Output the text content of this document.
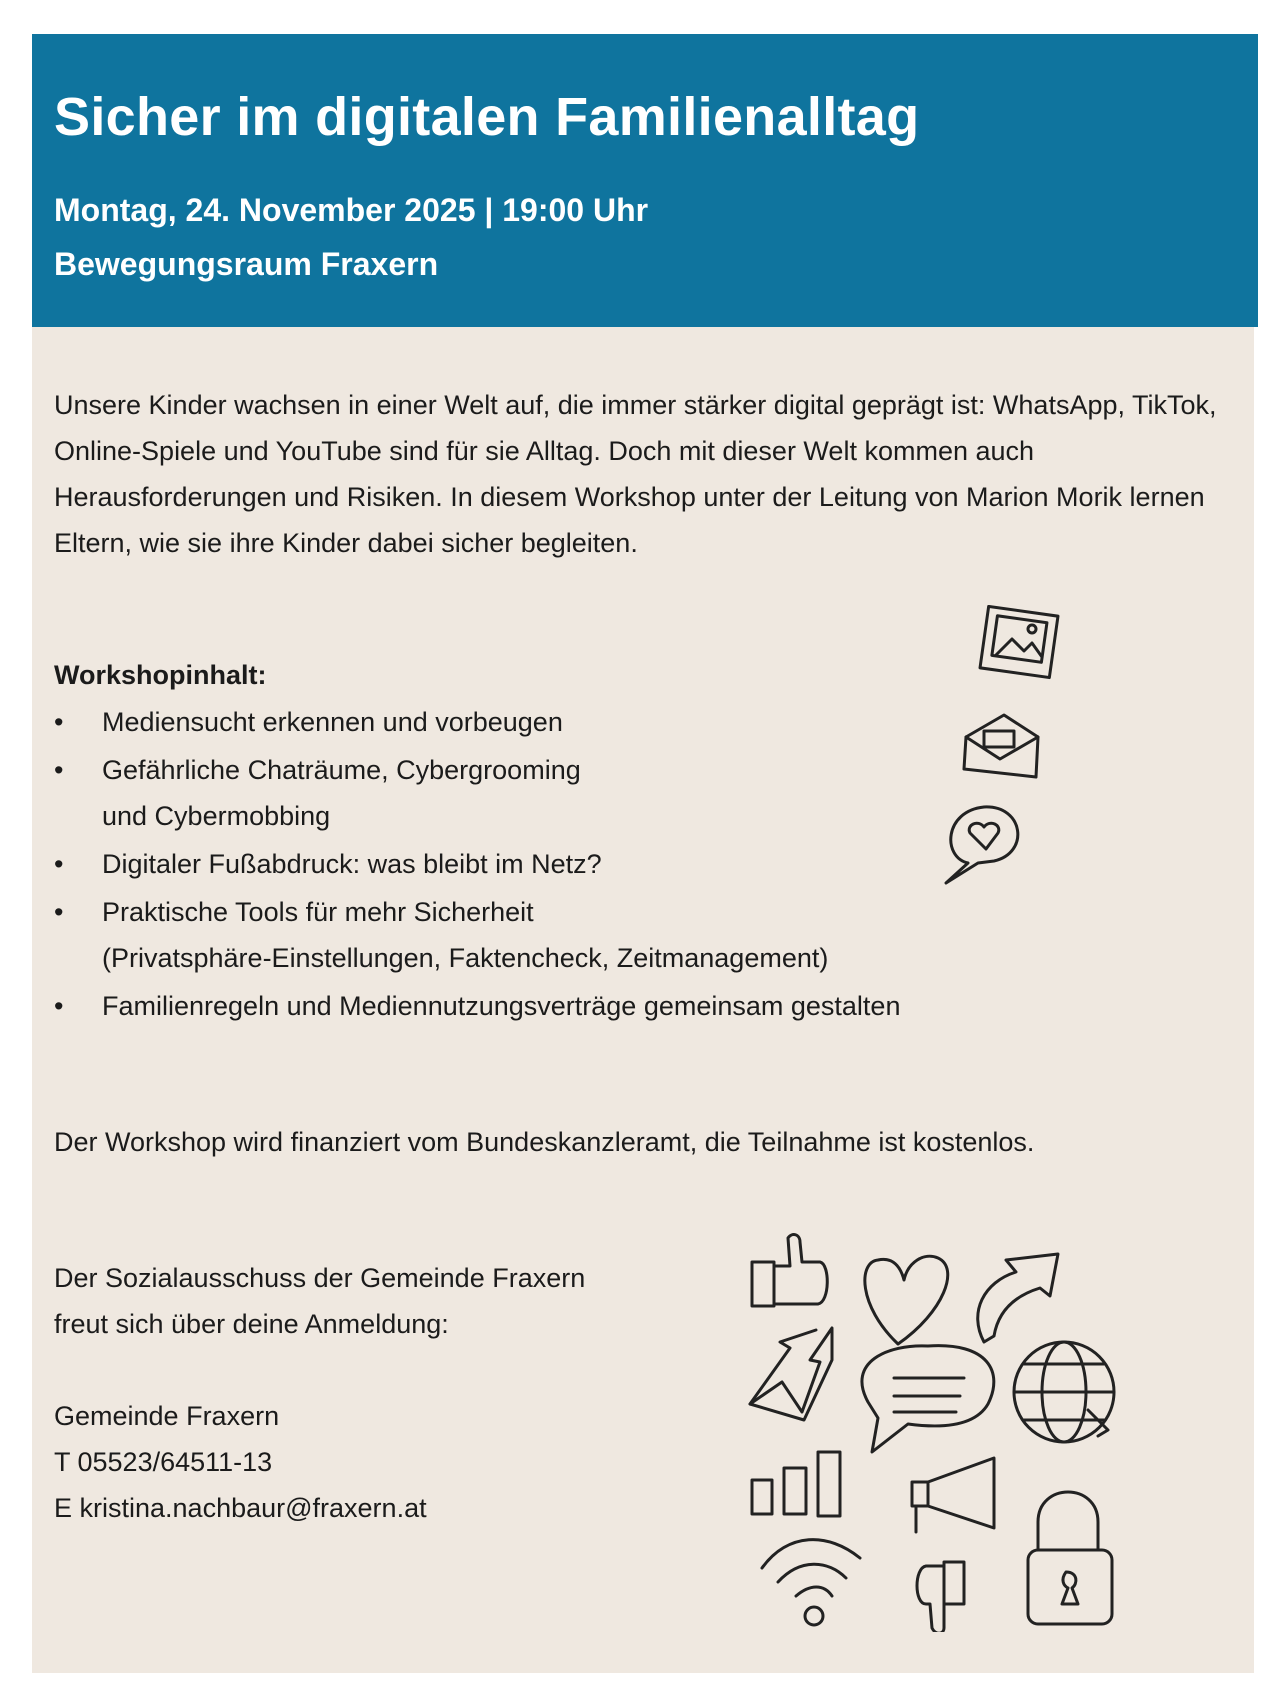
Sicher im digitalen Familienalltag
Montag, 24. November 2025 | 19:00 Uhr
Bewegungsraum Fraxern
Unsere Kinder wachsen in einer Welt auf, die immer stärker digital geprägt ist: WhatsApp, TikTok, Online-Spiele und YouTube sind für sie Alltag. Doch mit dieser Welt kommen auch Herausforderungen und Risiken. In diesem Workshop unter der Leitung von Marion Morik lernen Eltern, wie sie ihre Kinder dabei sicher begleiten.
Workshopinhalt:
• Mediensucht erkennen und vorbeugen
• Gefährliche Chaträume, Cybergrooming
und Cybermobbing
• Digitaler Fußabdruck: was bleibt im Netz?
• Praktische Tools für mehr Sicherheit
(Privatsphäre-Einstellungen, Faktencheck, Zeitmanagement)
• Familienregeln und Mediennutzungsverträge gemeinsam gestalten
Der Workshop wird finanziert vom Bundeskanzleramt, die Teilnahme ist kostenlos.
Der Sozialausschuss der Gemeinde Fraxern
freut sich über deine Anmeldung:
Gemeinde Fraxern
T 05523/64511-13
E kristina.nachbaur@fraxern.at
